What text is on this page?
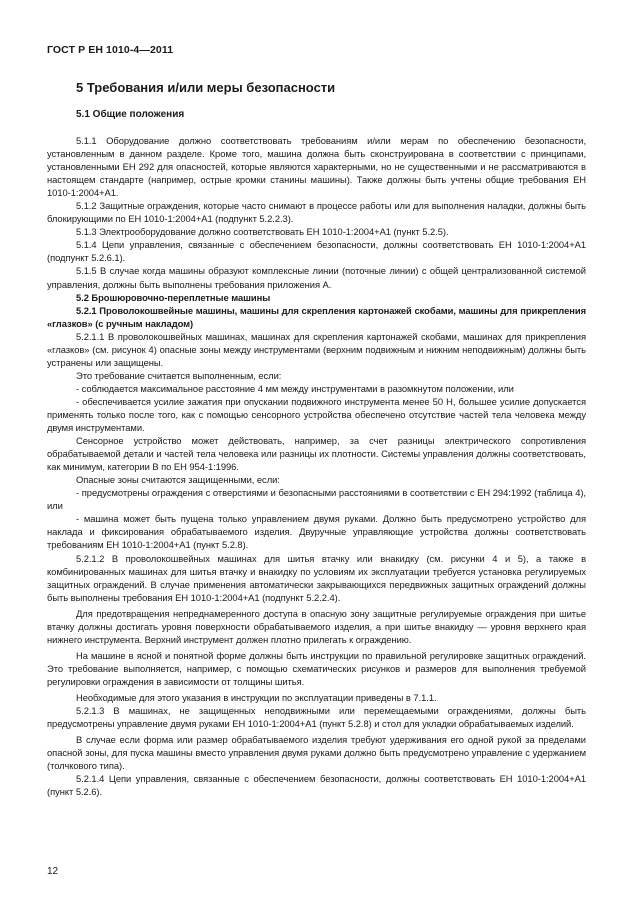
ГОСТ Р ЕН 1010-4—2011
5 Требования и/или меры безопасности
5.1 Общие положения

5.1.1 Оборудование должно соответствовать требованиям и/или мерам по обеспечению безопасности, установленным в данном разделе. Кроме того, машина должна быть сконструирована в соответствии с принципами, установленными ЕН 292 для опасностей, которые являются характерными, но не существенными и не рассматриваются в настоящем стандарте (например, острые кромки станины машины). Также должны быть учтены общие требования ЕН 1010-1:2004+A1.

5.1.2 Защитные ограждения, которые часто снимают в процессе работы или для выполнения наладки, должны быть блокирующими по ЕН 1010-1:2004+A1 (подпункт 5.2.2.3).

5.1.3 Электрооборудование должно соответствовать ЕН 1010-1:2004+A1 (пункт 5.2.5).

5.1.4 Цепи управления, связанные с обеспечением безопасности, должны соответствовать ЕН 1010-1:2004+A1 (подпункт 5.2.6.1).

5.1.5 В случае когда машины образуют комплексные линии (поточные линии) с общей централизованной системой управления, должны быть выполнены требования приложения А.

5.2 Брошюровочно-переплетные машины

5.2.1 Проволокошвейные машины, машины для скрепления картонажей скобами, машины для прикрепления «глазков» (с ручным накладом)

5.2.1.1 В проволокошвейных машинах, машинах для скрепления картонажей скобами, машинах для прикрепления «глазков» (см. рисунок 4) опасные зоны между инструментами (верхним подвижным и нижним неподвижным) должны быть устранены или защищены.

Это требование считается выполненным, если:

- соблюдается максимальное расстояние 4 мм между инструментами в разомкнутом положении, или

- обеспечивается усилие зажатия при опускании подвижного инструмента менее 50 Н, большее усилие допускается применять только после того, как с помощью сенсорного устройства обеспечено отсутствие частей тела человека между двумя инструментами.

Сенсорное устройство может действовать, например, за счет разницы электрического сопротивления обрабатываемой детали и частей тела человека или разницы их плотности. Системы управления должны соответствовать, как минимум, категории В по ЕН 954-1:1996.

Опасные зоны считаются защищенными, если:

- предусмотрены ограждения с отверстиями и безопасными расстояниями в соответствии с ЕН 294:1992 (таблица 4), или

- машина может быть пущена только управлением двумя руками. Должно быть предусмотрено устройство для наклада и фиксирования обрабатываемого изделия. Двуручные управляющие устройства должны соответствовать требованиям ЕН 1010-1:2004+A1 (пункт 5.2.8).

5.2.1.2 В проволокошвейных машинах для шитья втачку или внакидку (см. рисунки 4 и 5), а также в комбинированных машинах для шитья втачку и внакидку по условиям их эксплуатации требуется установка регулируемых защитных ограждений. В случае применения автоматически закрывающихся передвижных защитных ограждений должны быть выполнены требования ЕН 1010-1:2004+A1 (подпункт 5.2.2.4).

Для предотвращения непреднамеренного доступа в опасную зону защитные регулируемые ограждения при шитье втачку должны достигать уровня поверхности обрабатываемого изделия, а при шитье внакидку — уровня верхнего края нижнего инструмента. Верхний инструмент должен плотно прилегать к ограждению.

На машине в ясной и понятной форме должны быть инструкции по правильной регулировке защитных ограждений. Это требование выполняется, например, с помощью схематических рисунков и размеров для выполнения требуемой регулировки ограждения в зависимости от толщины шитья.

Необходимые для этого указания в инструкции по эксплуатации приведены в 7.1.1.

5.2.1.3 В машинах, не защищенных неподвижными или перемещаемыми ограждениями, должны быть предусмотрены управление двумя руками ЕН 1010-1:2004+A1 (пункт 5.2.8) и стол для укладки обрабатываемых изделий.

В случае если форма или размер обрабатываемого изделия требуют удерживания его одной рукой за пределами опасной зоны, для пуска машины вместо управления двумя руками должно быть предусмотрено управление с удержанием (толчкового типа).

5.2.1.4 Цепи управления, связанные с обеспечением безопасности, должны соответствовать ЕН 1010-1:2004+A1 (пункт 5.2.6).

12
